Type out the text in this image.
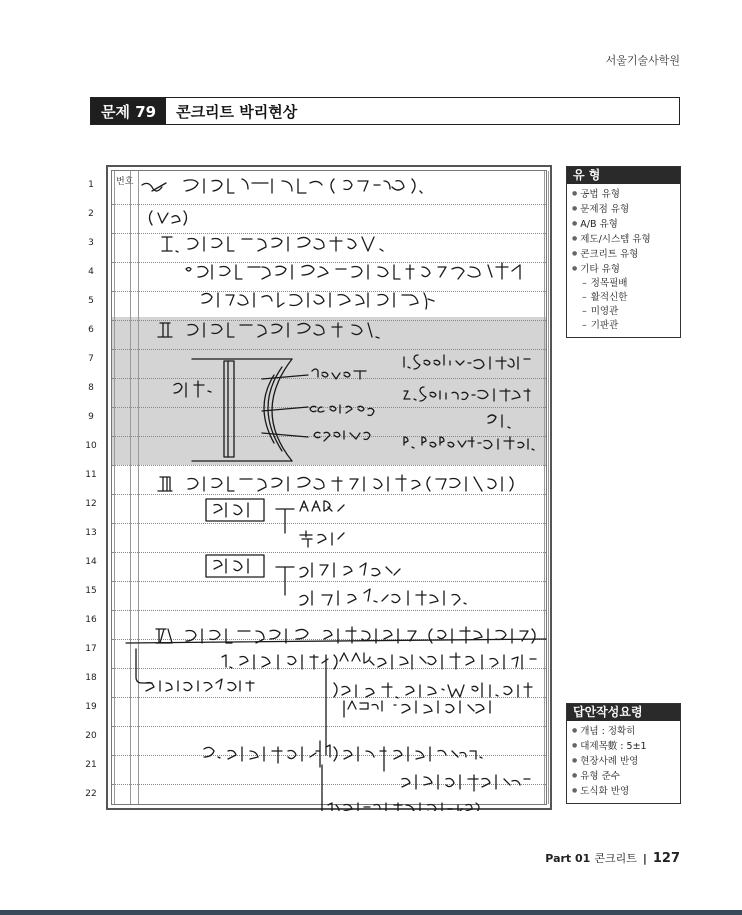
서울기술사학원
문제 79	콘크리트 박리현상
번호
1
2
3
4
5
6
7
8
9
10
11
12
13
14
15
16
17
18
19
20
21
22
유 형
● 공법 유형
● 문제점 유형
● A/B 유형
● 제도/시스템 유형
● 콘크리트 유형
● 기타 유형
– 정목필배
– 활적신한
– 미영관
– 기판관
답안작성요령
● 개념 : 정확히
● 대제목數 : 5±1
● 현장사례 반영
● 유형 준수
● 도식화 반영
Part 01 콘크리트 | 127
